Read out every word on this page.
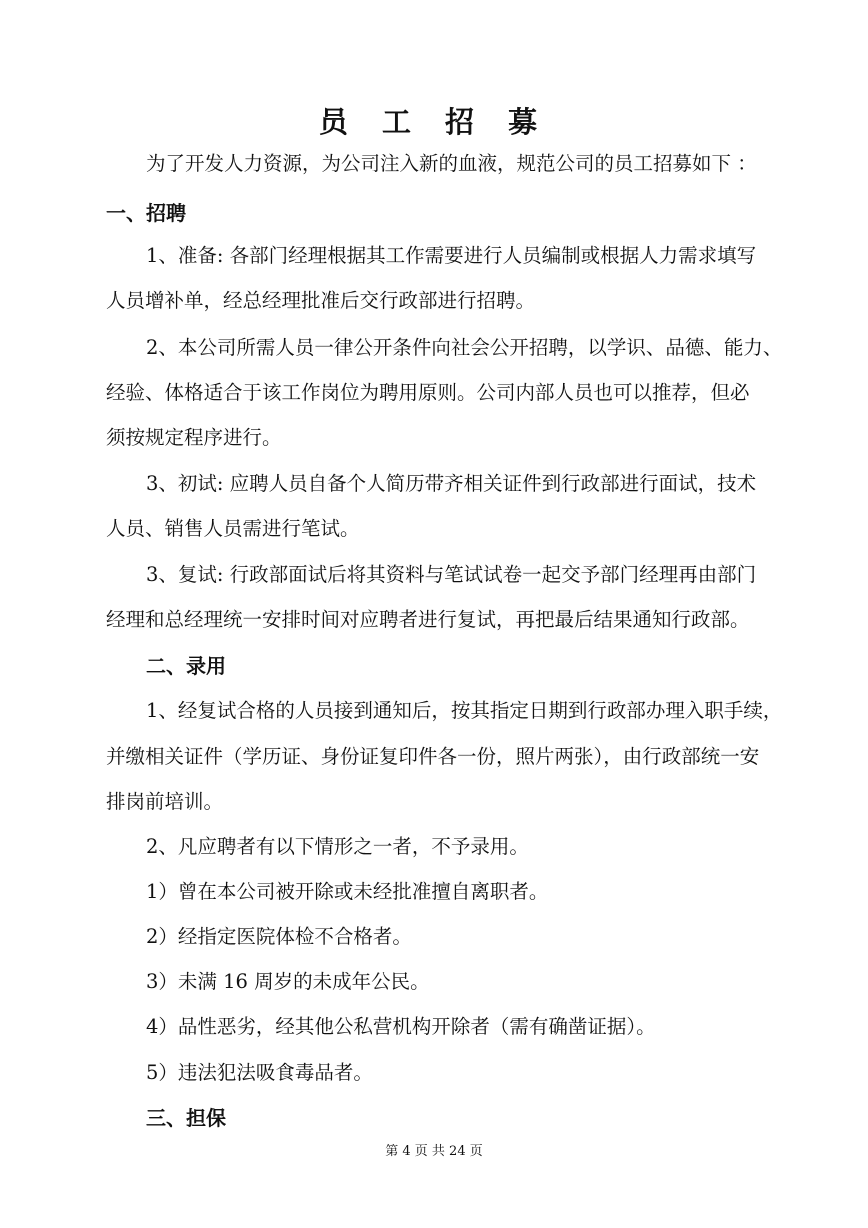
员 工 招 募
为了开发人力资源，为公司注入新的血液，规范公司的员工招募如下 ：
一、招聘
1、准备: 各部门经理根据其工作需要进行人员编制或根据人力需求填写
人员增补单，经总经理批准后交行政部进行招聘。
2、本公司所需人员一律公开条件向社会公开招聘，以学识、品德、能力、
经验、体格适合于该工作岗位为聘用原则。公司内部人员也可以推荐，但必
须按规定程序进行。
3、初试: 应聘人员自备个人简历带齐相关证件到行政部进行面试，技术
人员、销售人员需进行笔试。
3、复试: 行政部面试后将其资料与笔试试卷一起交予部门经理再由部门
经理和总经理统一安排时间对应聘者进行复试，再把最后结果通知行政部。
二、录用
1、经复试合格的人员接到通知后，按其指定日期到行政部办理入职手续，
并缴相关证件（学历证、身份证复印件各一份，照片两张），由行政部统一安
排岗前培训。
2、凡应聘者有以下情形之一者，不予录用。
1）曾在本公司被开除或未经批准擅自离职者。
2）经指定医院体检不合格者。
3）未满 16 周岁的未成年公民。
4）品性恶劣，经其他公私营机构开除者（需有确凿证据）。
5）违法犯法吸食毒品者。
三、担保
第 4 页 共 24 页
